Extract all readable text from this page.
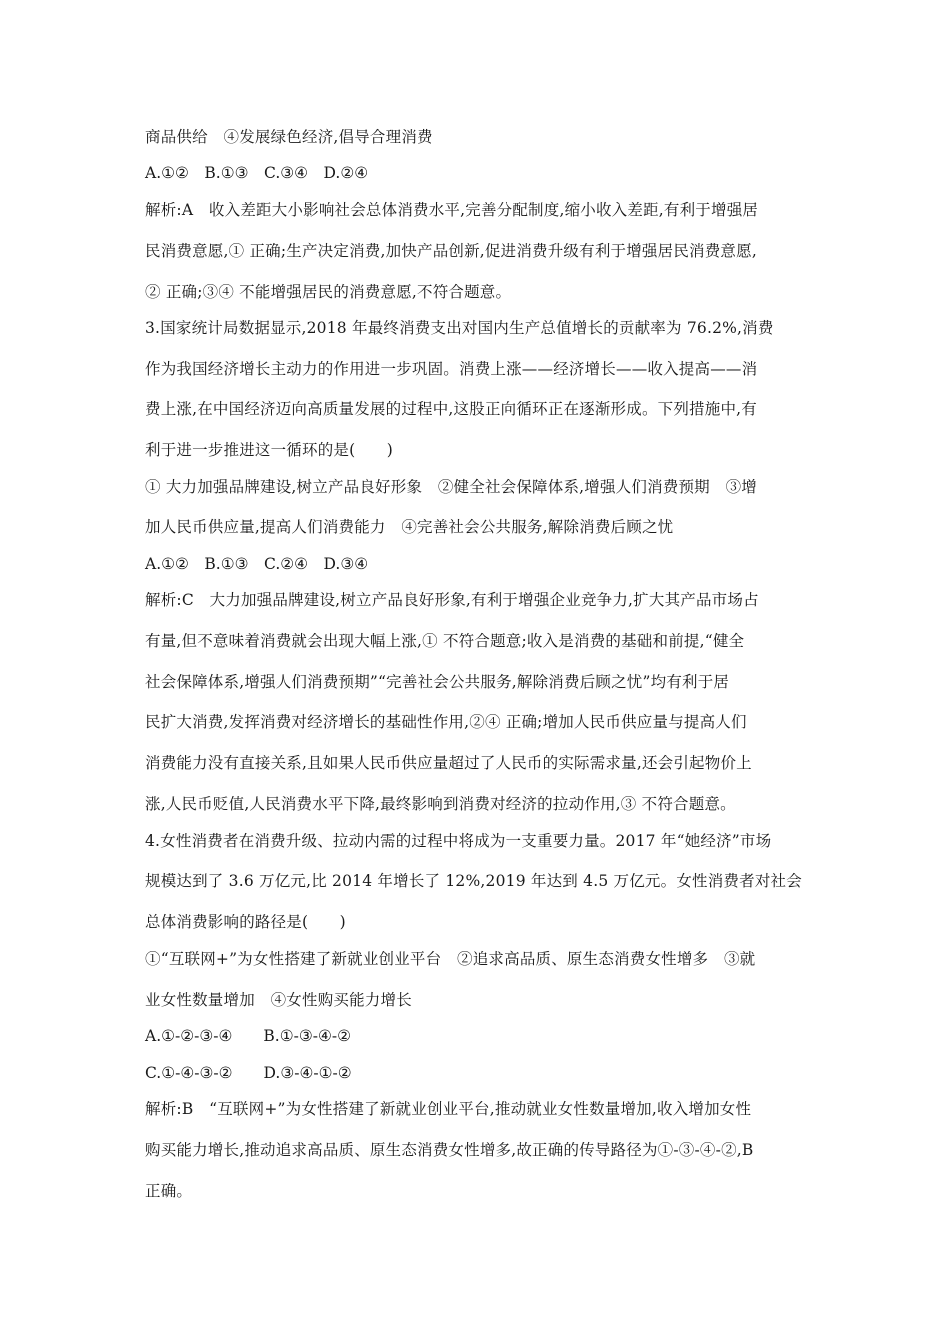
商品供给　④发展绿色经济,倡导合理消费
A.①②　B.①③　C.③④　D.②④
解析:A　收入差距大小影响社会总体消费水平,完善分配制度,缩小收入差距,有利于增强居
民消费意愿,① 正确;生产决定消费,加快产品创新,促进消费升级有利于增强居民消费意愿,
② 正确;③④ 不能增强居民的消费意愿,不符合题意。
3.国家统计局数据显示,2018 年最终消费支出对国内生产总值增长的贡献率为 76.2%,消费
作为我国经济增长主动力的作用进一步巩固。消费上涨——经济增长——收入提高——消
费上涨,在中国经济迈向高质量发展的过程中,这股正向循环正在逐渐形成。下列措施中,有
利于进一步推进这一循环的是(　　)
① 大力加强品牌建设,树立产品良好形象　②健全社会保障体系,增强人们消费预期　③增
加人民币供应量,提高人们消费能力　④完善社会公共服务,解除消费后顾之忧
A.①②　B.①③　C.②④　D.③④
解析:C　大力加强品牌建设,树立产品良好形象,有利于增强企业竞争力,扩大其产品市场占
有量,但不意味着消费就会出现大幅上涨,① 不符合题意;收入是消费的基础和前提,“健全
社会保障体系,增强人们消费预期”“完善社会公共服务,解除消费后顾之忧”均有利于居
民扩大消费,发挥消费对经济增长的基础性作用,②④ 正确;增加人民币供应量与提高人们
消费能力没有直接关系,且如果人民币供应量超过了人民币的实际需求量,还会引起物价上
涨,人民币贬值,人民消费水平下降,最终影响到消费对经济的拉动作用,③ 不符合题意。
4.女性消费者在消费升级、拉动内需的过程中将成为一支重要力量。2017 年“她经济”市场
规模达到了 3.6 万亿元,比 2014 年增长了 12%,2019 年达到 4.5 万亿元。女性消费者对社会
总体消费影响的路径是(　　)
①“互联网+”为女性搭建了新就业创业平台　②追求高品质、原生态消费女性增多　③就
业女性数量增加　④女性购买能力增长
A.①-②-③-④　　B.①-③-④-②
C.①-④-③-②　　D.③-④-①-②
解析:B　“互联网+”为女性搭建了新就业创业平台,推动就业女性数量增加,收入增加女性
购买能力增长,推动追求高品质、原生态消费女性增多,故正确的传导路径为①-③-④-②,B
正确。
